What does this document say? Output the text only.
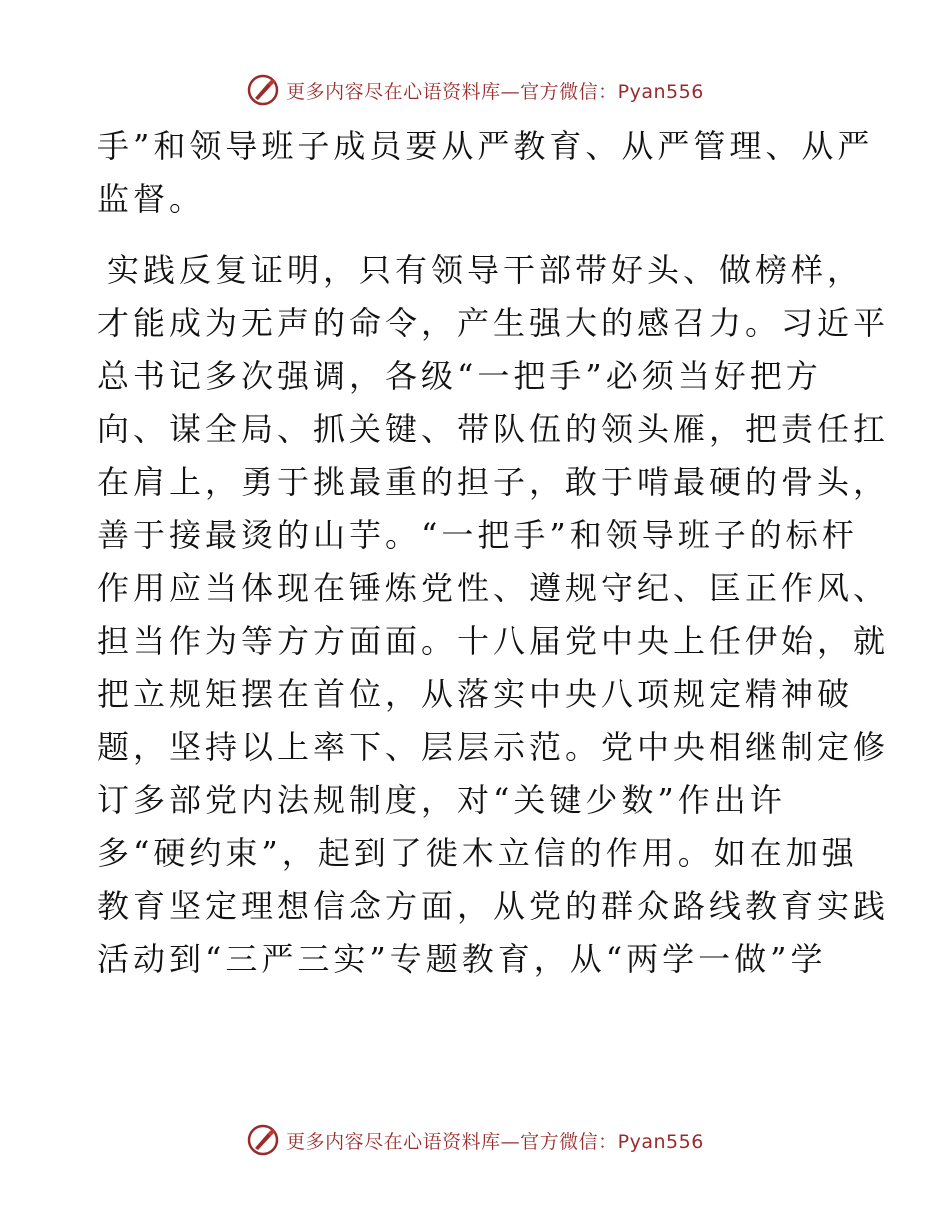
更多内容尽在心语资料库—官方微信：Pyan556
手”和领导班子成员要从严教育、从严管理、从严
监督。
实践反复证明，只有领导干部带好头、做榜样，
才能成为无声的命令，产生强大的感召力。习近平
总书记多次强调，各级“一把手”必须当好把方
向、谋全局、抓关键、带队伍的领头雁，把责任扛
在肩上，勇于挑最重的担子，敢于啃最硬的骨头，
善于接最烫的山芋。“一把手”和领导班子的标杆
作用应当体现在锤炼党性、遵规守纪、匡正作风、
担当作为等方方面面。十八届党中央上任伊始，就
把立规矩摆在首位，从落实中央八项规定精神破
题，坚持以上率下、层层示范。党中央相继制定修
订多部党内法规制度，对“关键少数”作出许
多“硬约束”，起到了徙木立信的作用。如在加强
教育坚定理想信念方面，从党的群众路线教育实践
活动到“三严三实”专题教育，从“两学一做”学
更多内容尽在心语资料库—官方微信：Pyan556
